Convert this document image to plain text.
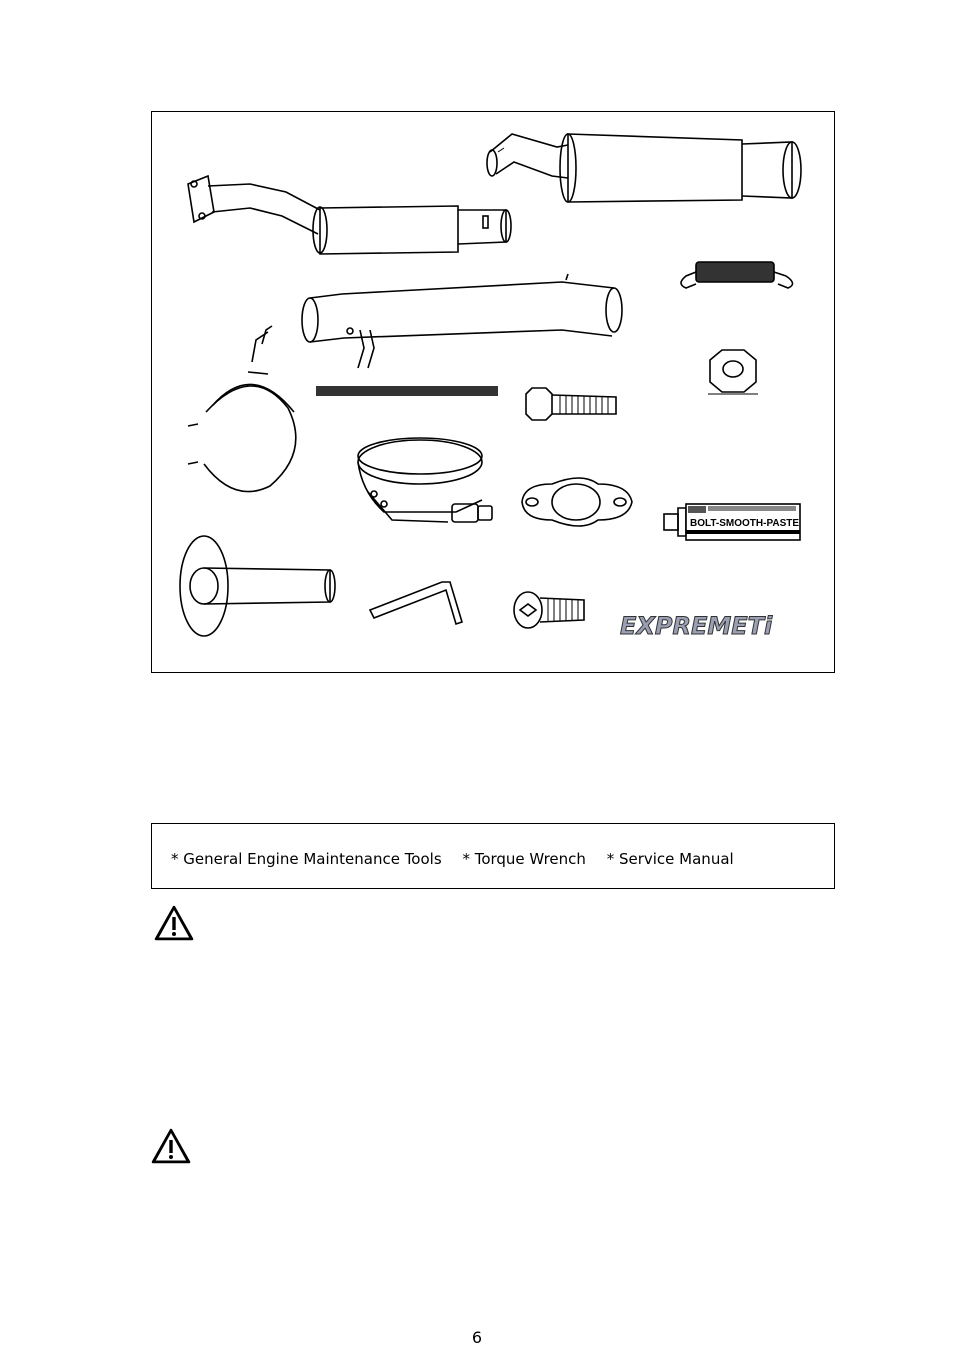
BOLT-SMOOTH-PASTE
EXPREMETi
* General Engine Maintenance Tools * Torque Wrench * Service Manual
6
